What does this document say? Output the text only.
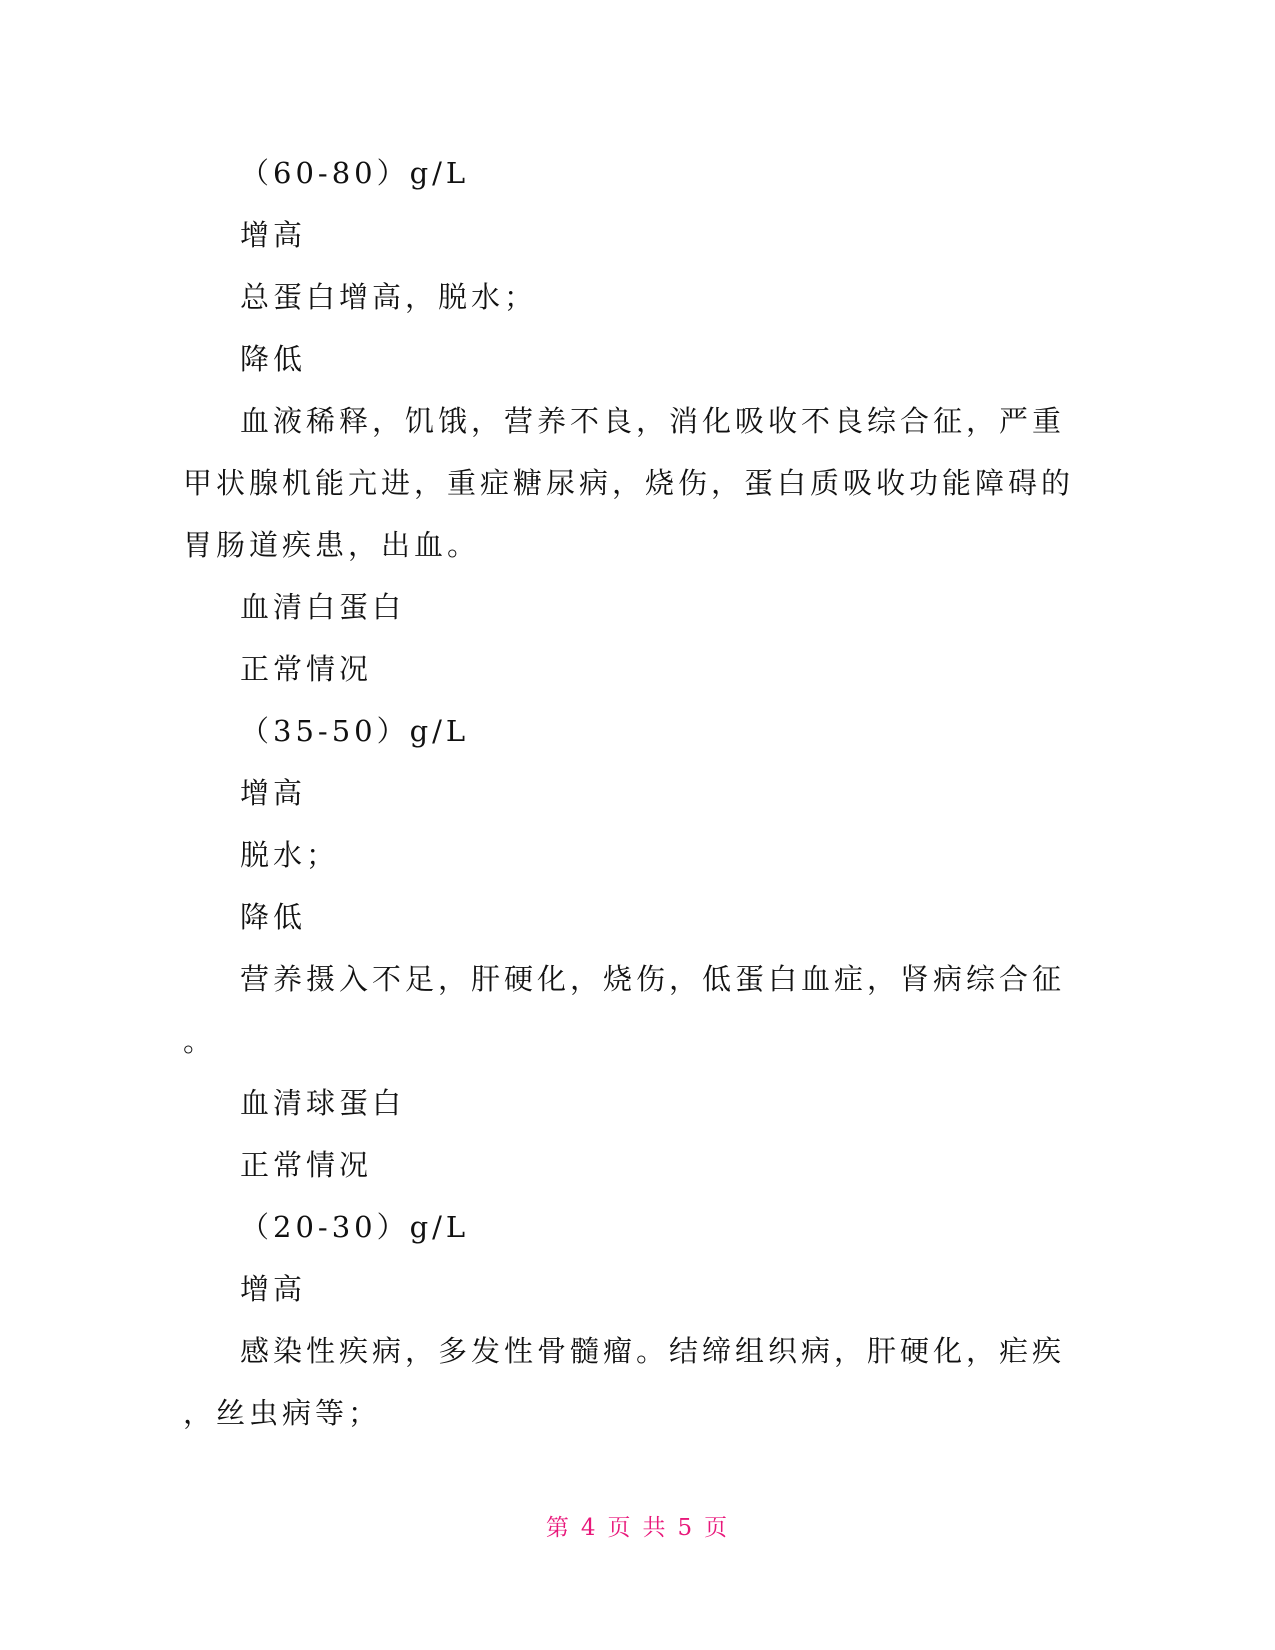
（60-80）g/L
增高
总蛋白增高，脱水；
降低
血液稀释，饥饿，营养不良，消化吸收不良综合征，严重
甲状腺机能亢进，重症糖尿病，烧伤，蛋白质吸收功能障碍的
胃肠道疾患，出血。
血清白蛋白
正常情况
（35-50）g/L
增高
脱水；
降低
营养摄入不足，肝硬化，烧伤，低蛋白血症，肾病综合征
。
血清球蛋白
正常情况
（20-30）g/L
增高
感染性疾病，多发性骨髓瘤。结缔组织病，肝硬化，疟疾
，丝虫病等；
第 4 页 共 5 页
